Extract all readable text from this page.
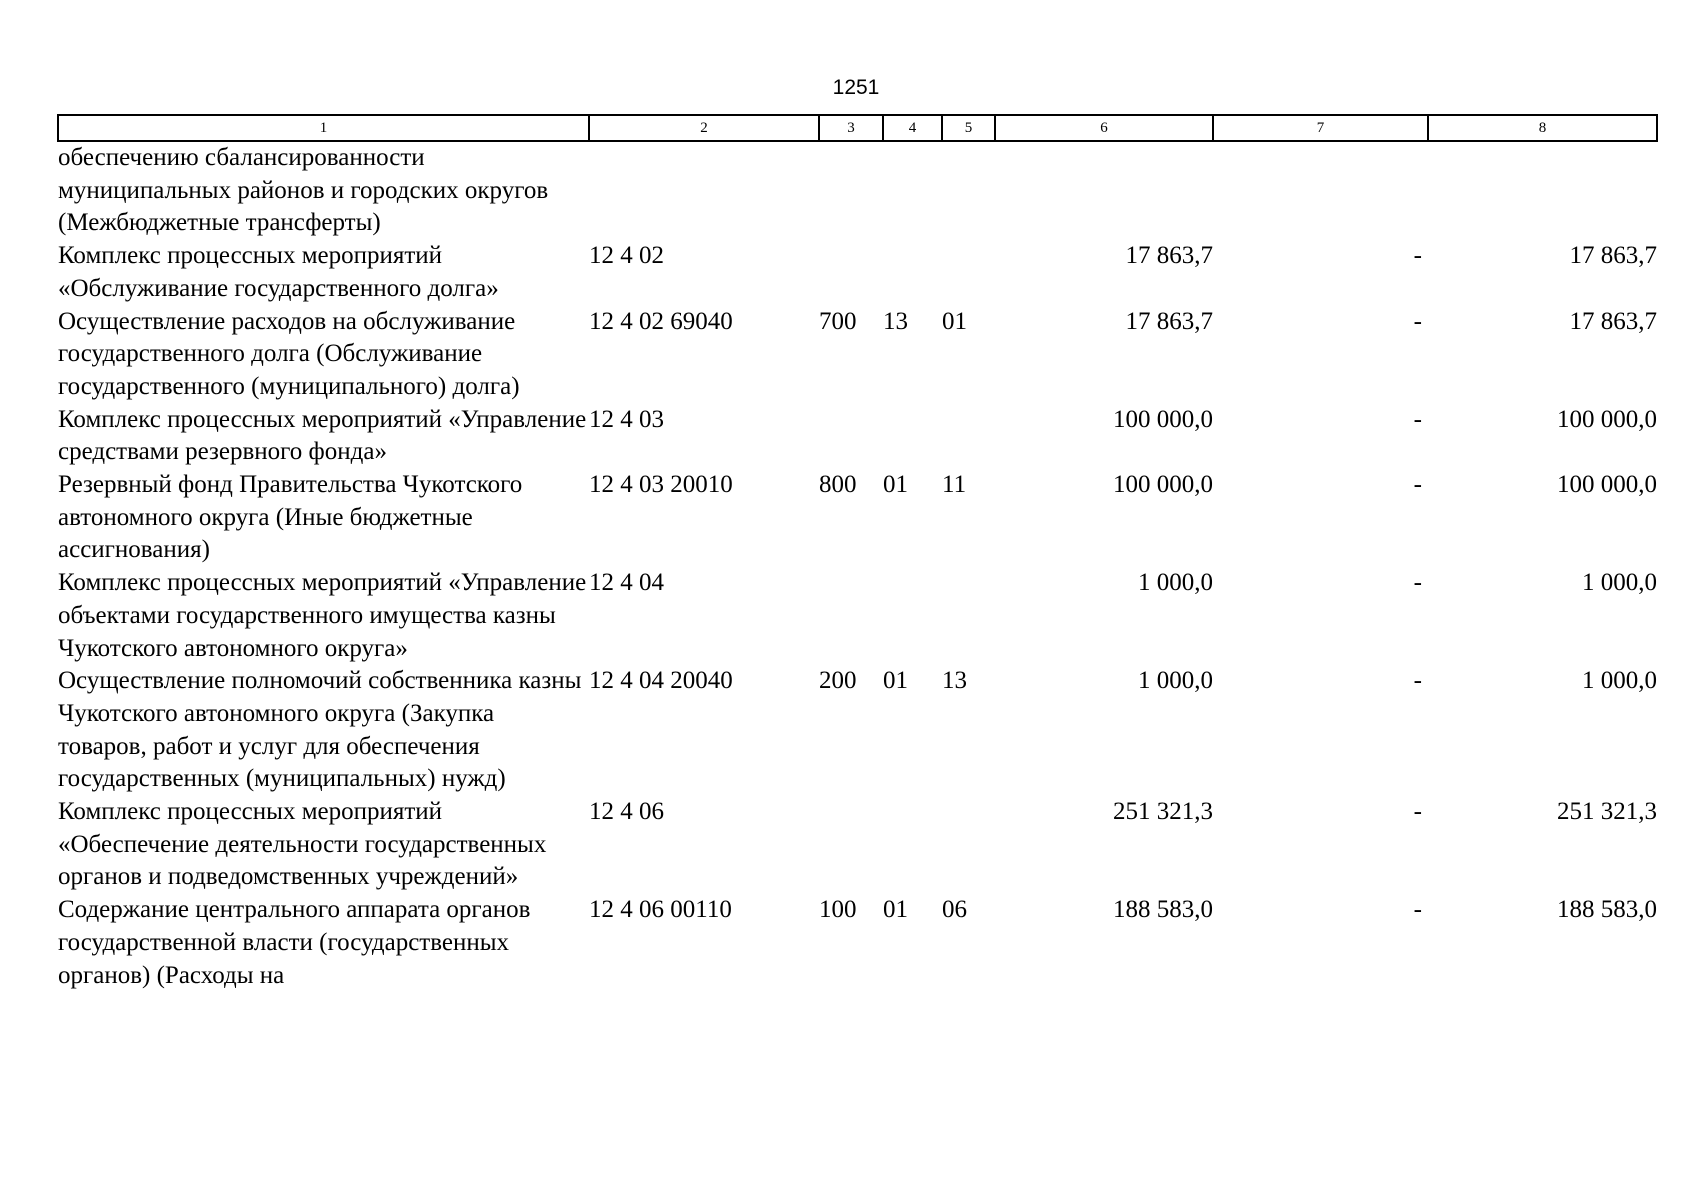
1251
1	2	3	4	5	6	7	8
обеспечению сбалансированности муниципальных районов и городских округов (Межбюджетные трансферты)							
Комплекс процессных мероприятий «Обслуживание государственного долга»	12 4 02				17 863,7	-	17 863,7
Осуществление расходов на обслуживание государственного долга (Обслуживание государственного (муниципального) долга)	12 4 02 69040	700	13	01	17 863,7	-	17 863,7
Комплекс процессных мероприятий «Управление средствами резервного фонда»	12 4 03				100 000,0	-	100 000,0
Резервный фонд Правительства Чукотского автономного округа (Иные бюджетные ассигнования)	12 4 03 20010	800	01	11	100 000,0	-	100 000,0
Комплекс процессных мероприятий «Управление объектами государственного имущества казны Чукотского автономного округа»	12 4 04				1 000,0	-	1 000,0
Осуществление полномочий собственника казны Чукотского автономного округа (Закупка товаров, работ и услуг для обеспечения государственных (муниципальных) нужд)	12 4 04 20040	200	01	13	1 000,0	-	1 000,0
Комплекс процессных мероприятий «Обеспечение деятельности государственных органов и подведомственных учреждений»	12 4 06				251 321,3	-	251 321,3
Содержание центрального аппарата органов государственной власти (государственных органов) (Расходы на	12 4 06 00110	100	01	06	188 583,0	-	188 583,0
